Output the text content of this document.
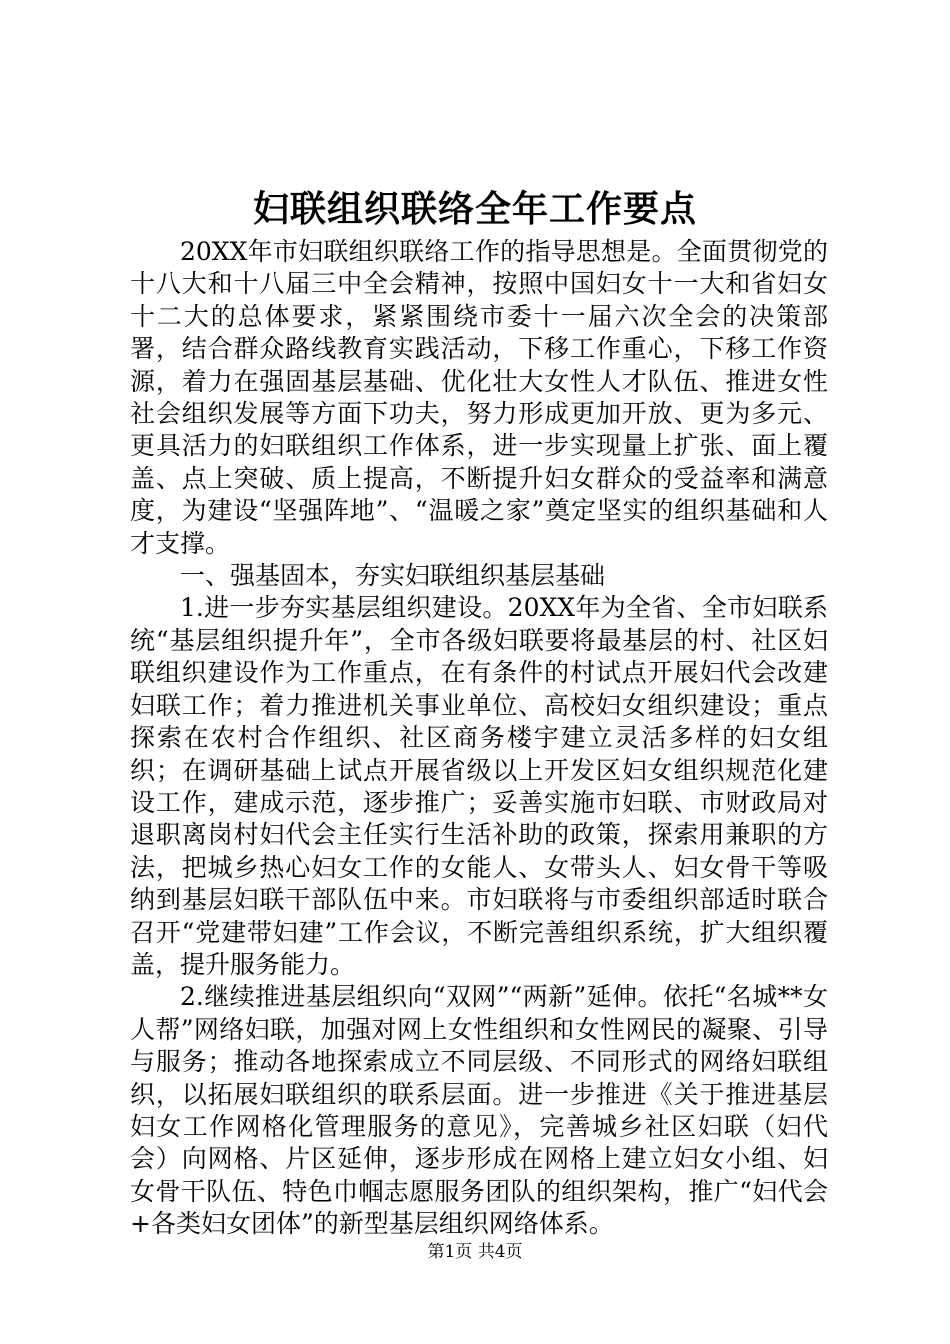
妇联组织联络全年工作要点

20XX年市妇联组织联络工作的指导思想是。全面贯彻党的十八大和十八届三中全会精神，按照中国妇女十一大和省妇女十二大的总体要求，紧紧围绕市委十一届六次全会的决策部署，结合群众路线教育实践活动，下移工作重心，下移工作资源，着力在强固基层基础、优化壮大女性人才队伍、推进女性社会组织发展等方面下功夫，努力形成更加开放、更为多元、更具活力的妇联组织工作体系，进一步实现量上扩张、面上覆盖、点上突破、质上提高，不断提升妇女群众的受益率和满意度，为建设“坚强阵地”、“温暖之家”奠定坚实的组织基础和人才支撑。

一、强基固本，夯实妇联组织基层基础

1.进一步夯实基层组织建设。20XX年为全省、全市妇联系统“基层组织提升年”，全市各级妇联要将最基层的村、社区妇联组织建设作为工作重点，在有条件的村试点开展妇代会改建妇联工作；着力推进机关事业单位、高校妇女组织建设；重点探索在农村合作组织、社区商务楼宇建立灵活多样的妇女组织；在调研基础上试点开展省级以上开发区妇女组织规范化建设工作，建成示范，逐步推广；妥善实施市妇联、市财政局对退职离岗村妇代会主任实行生活补助的政策，探索用兼职的方法，把城乡热心妇女工作的女能人、女带头人、妇女骨干等吸纳到基层妇联干部队伍中来。市妇联将与市委组织部适时联合召开“党建带妇建”工作会议，不断完善组织系统，扩大组织覆盖，提升服务能力。

2.继续推进基层组织向“双网”“两新”延伸。依托“名城**女人帮”网络妇联，加强对网上女性组织和女性网民的凝聚、引导与服务；推动各地探索成立不同层级、不同形式的网络妇联组织，以拓展妇联组织的联系层面。进一步推进《关于推进基层妇女工作网格化管理服务的意见》，完善城乡社区妇联（妇代会）向网格、片区延伸，逐步形成在网格上建立妇女小组、妇女骨干队伍、特色巾帼志愿服务团队的组织架构，推广“妇代会+各类妇女团体”的新型基层组织网络体系。

第1页 共4页
